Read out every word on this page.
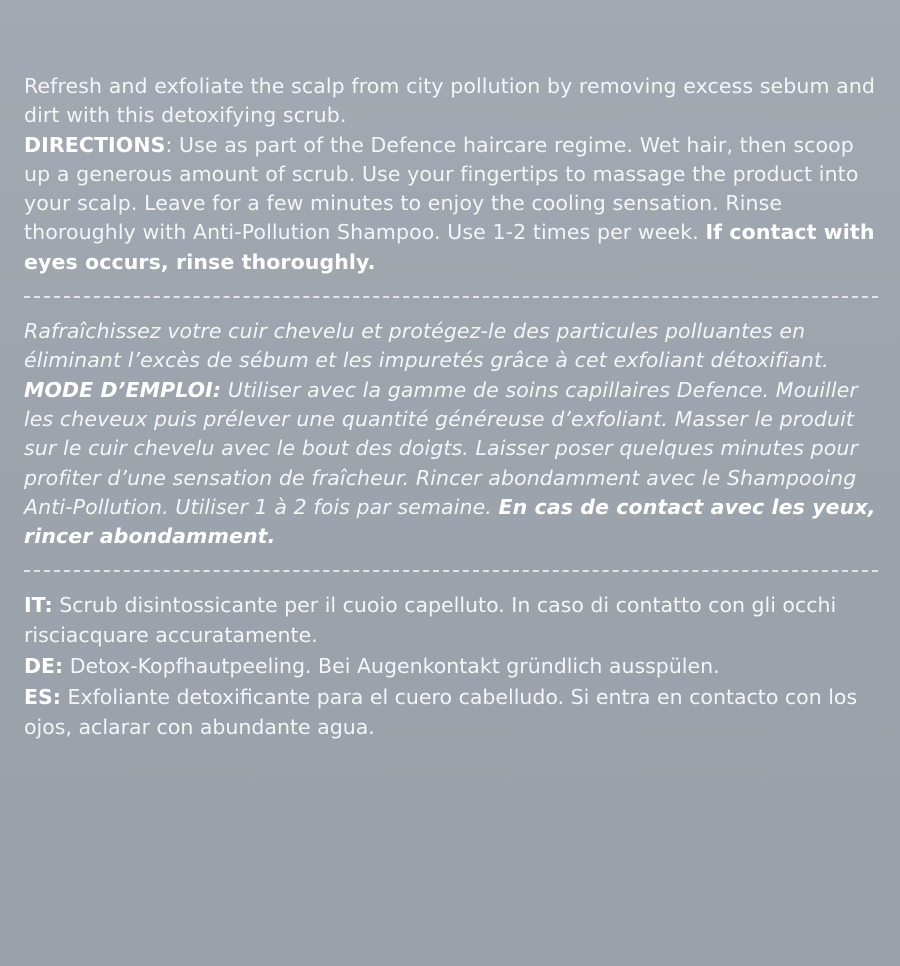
Refresh and exfoliate the scalp from city pollution by removing excess sebum and dirt with this detoxifying scrub.
DIRECTIONS: Use as part of the Defence haircare regime. Wet hair, then scoop up a generous amount of scrub. Use your fingertips to massage the product into your scalp. Leave for a few minutes to enjoy the cooling sensation. Rinse thoroughly with Anti-Pollution Shampoo. Use 1-2 times per week. If contact with eyes occurs, rinse thoroughly.
Rafraîchissez votre cuir chevelu et protégez-le des particules polluantes en éliminant l’excès de sébum et les impuretés grâce à cet exfoliant détoxifiant.
MODE D’EMPLOI: Utiliser avec la gamme de soins capillaires Defence. Mouiller les cheveux puis prélever une quantité généreuse d’exfoliant. Masser le produit sur le cuir chevelu avec le bout des doigts. Laisser poser quelques minutes pour profiter d’une sensation de fraîcheur. Rincer abondamment avec le Shampooing Anti-Pollution. Utiliser 1 à 2 fois par semaine. En cas de contact avec les yeux, rincer abondamment.
IT: Scrub disintossicante per il cuoio capelluto. In caso di contatto con gli occhi risciacquare accuratamente.
DE: Detox-Kopfhautpeeling. Bei Augenkontakt gründlich ausspülen.
ES: Exfoliante detoxificante para el cuero cabelludo. Si entra en contacto con los ojos, aclarar con abundante agua.
